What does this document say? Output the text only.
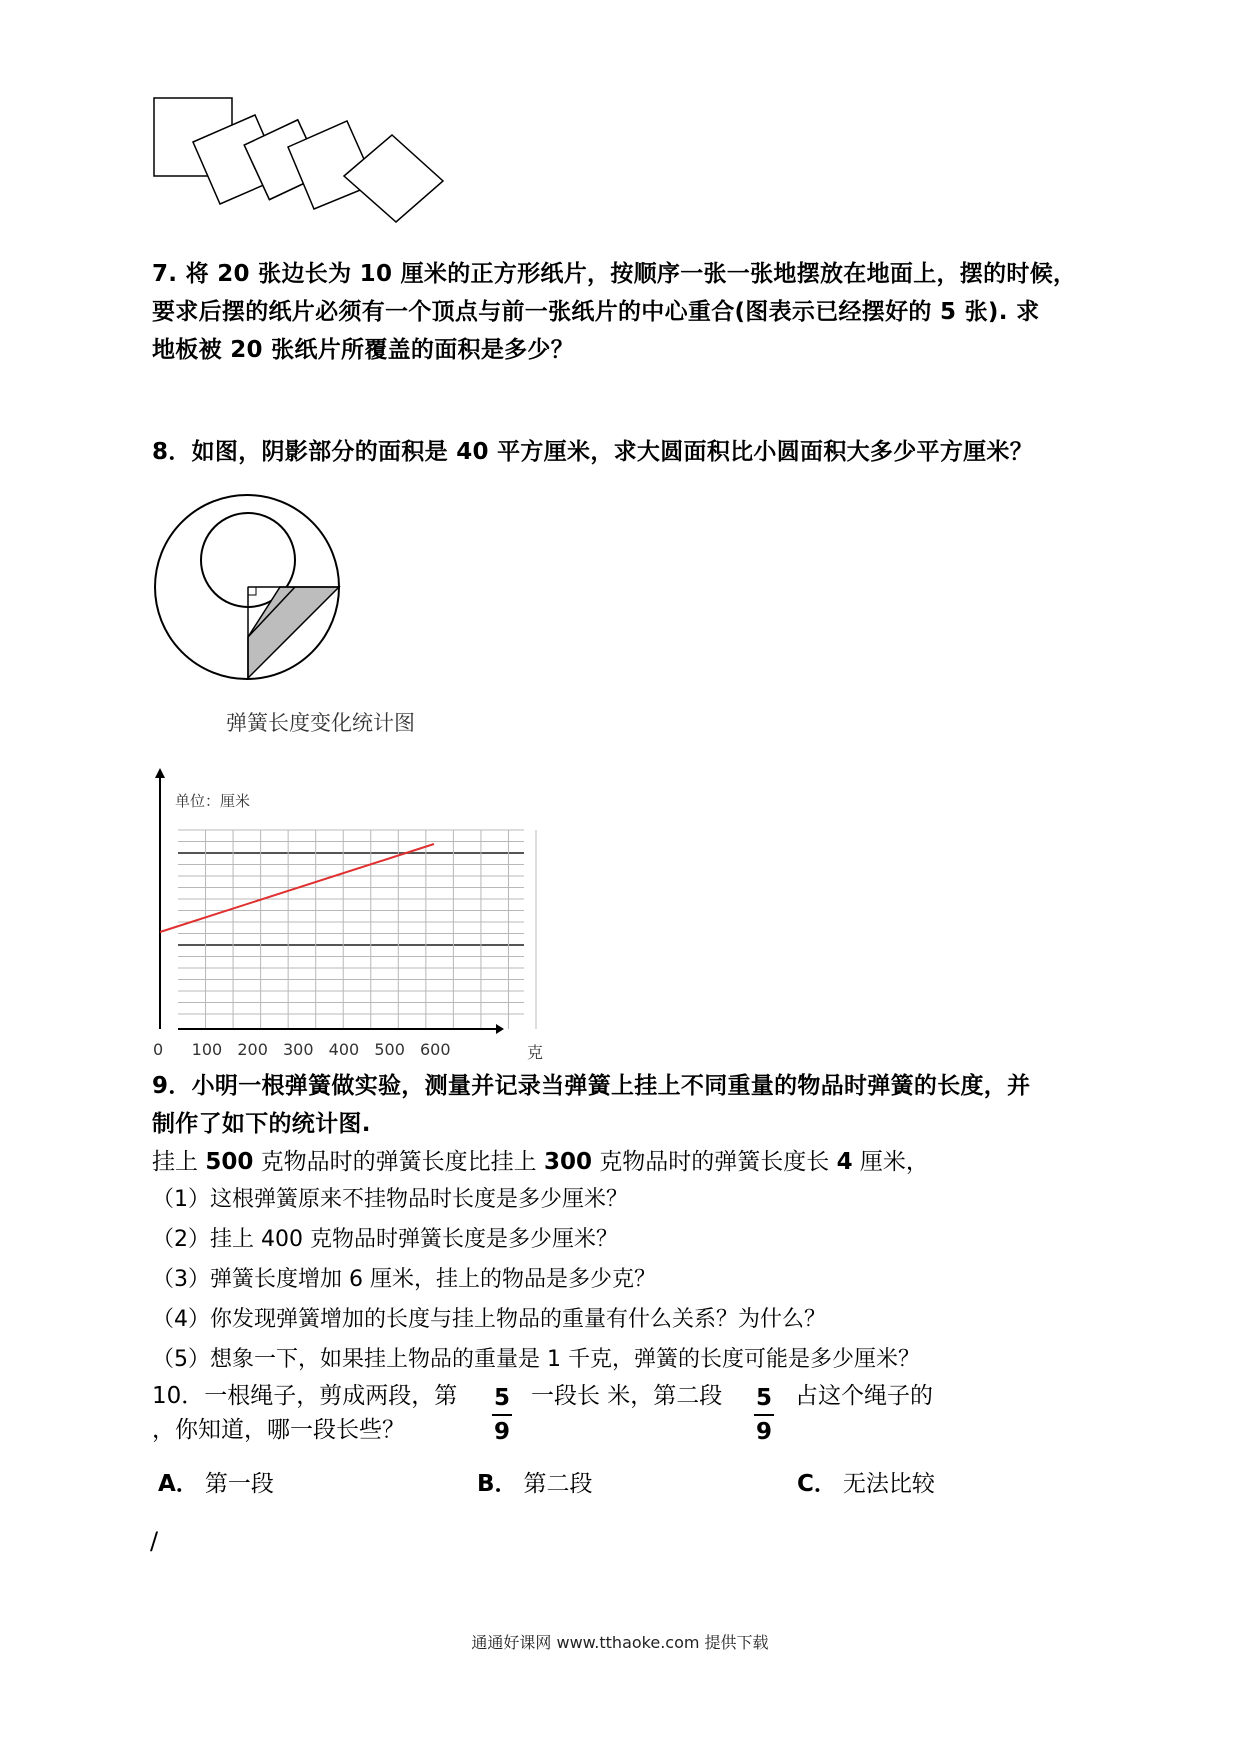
7. 将 20 张边长为 10 厘米的正方形纸片，按顺序一张一张地摆放在地面上，摆的时候，
要求后摆的纸片必须有一个顶点与前一张纸片的中心重合(图表示已经摆好的 5 张). 求
地板被 20 张纸片所覆盖的面积是多少？
8．如图，阴影部分的面积是 40 平方厘米，求大圆面积比小圆面积大多少平方厘米？
弹簧长度变化统计图
单位：厘米
0 100 200 300 400 500 600	克
9．小明一根弹簧做实验，测量并记录当弹簧上挂上不同重量的物品时弹簧的长度，并
制作了如下的统计图.
挂上 500 克物品时的弹簧长度比挂上 300 克物品时的弹簧长度长 4 厘米，
（1）这根弹簧原来不挂物品时长度是多少厘米？
（2）挂上 400 克物品时弹簧长度是多少厘米？
（3）弹簧长度增加 6 厘米，挂上的物品是多少克？
（4）你发现弹簧增加的长度与挂上物品的重量有什么关系？为什么？
（5）想象一下，如果挂上物品的重量是 1 千克，弹簧的长度可能是多少厘米？
10．一根绳子，剪成两段，第 5
9
一段长 米，第二段 5
9
占这个绳子的
，你知道，哪一段长些？
A． 第一段	B． 第二段	C． 无法比较
/
通通好课网 www.tthaoke.com 提供下载
